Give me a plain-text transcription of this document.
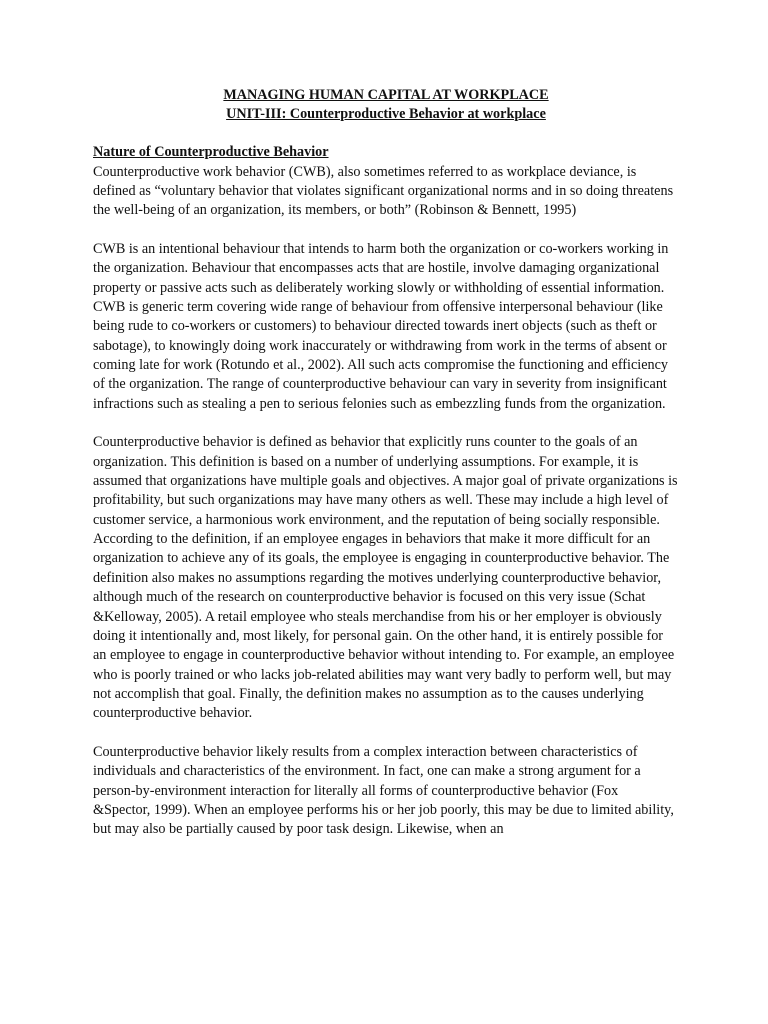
MANAGING HUMAN CAPITAL AT WORKPLACE

UNIT-III: Counterproductive Behavior at workplace

Nature of Counterproductive Behavior

Counterproductive work behavior (CWB), also sometimes referred to as workplace deviance, is defined as “voluntary behavior that violates significant organizational norms and in so doing threatens the well-being of an organization, its members, or both” (Robinson & Bennett, 1995)

CWB is an intentional behaviour that intends to harm both the organization or co-workers working in the organization. Behaviour that encompasses acts that are hostile, involve damaging organizational property or passive acts such as deliberately working slowly or withholding of essential information. CWB is generic term covering wide range of behaviour from offensive interpersonal behaviour (like being rude to co-workers or customers) to behaviour directed towards inert objects (such as theft or sabotage), to knowingly doing work inaccurately or withdrawing from work in the terms of absent or coming late for work (Rotundo et al., 2002). All such acts compromise the functioning and efficiency of the organization. The range of counterproductive behaviour can vary in severity from insignificant infractions such as stealing a pen to serious felonies such as embezzling funds from the organization.

Counterproductive behavior is defined as behavior that explicitly runs counter to the goals of an organization. This definition is based on a number of underlying assumptions. For example, it is assumed that organizations have multiple goals and objectives. A major goal of private organizations is profitability, but such organizations may have many others as well. These may include a high level of customer service, a harmonious work environment, and the reputation of being socially responsible. According to the definition, if an employee engages in behaviors that make it more difficult for an organization to achieve any of its goals, the employee is engaging in counterproductive behavior. The definition also makes no assumptions regarding the motives underlying counterproductive behavior, although much of the research on counterproductive behavior is focused on this very issue (Schat &Kelloway, 2005). A retail employee who steals merchandise from his or her employer is obviously doing it intentionally and, most likely, for personal gain. On the other hand, it is entirely possible for an employee to engage in counterproductive behavior without intending to. For example, an employee who is poorly trained or who lacks job-related abilities may want very badly to perform well, but may not accomplish that goal. Finally, the definition makes no assumption as to the causes underlying counterproductive behavior.

Counterproductive behavior likely results from a complex interaction between characteristics of individuals and characteristics of the environment. In fact, one can make a strong argument for a person-by-environment interaction for literally all forms of counterproductive behavior (Fox &Spector, 1999). When an employee performs his or her job poorly, this may be due to limited ability, but may also be partially caused by poor task design. Likewise, when an
